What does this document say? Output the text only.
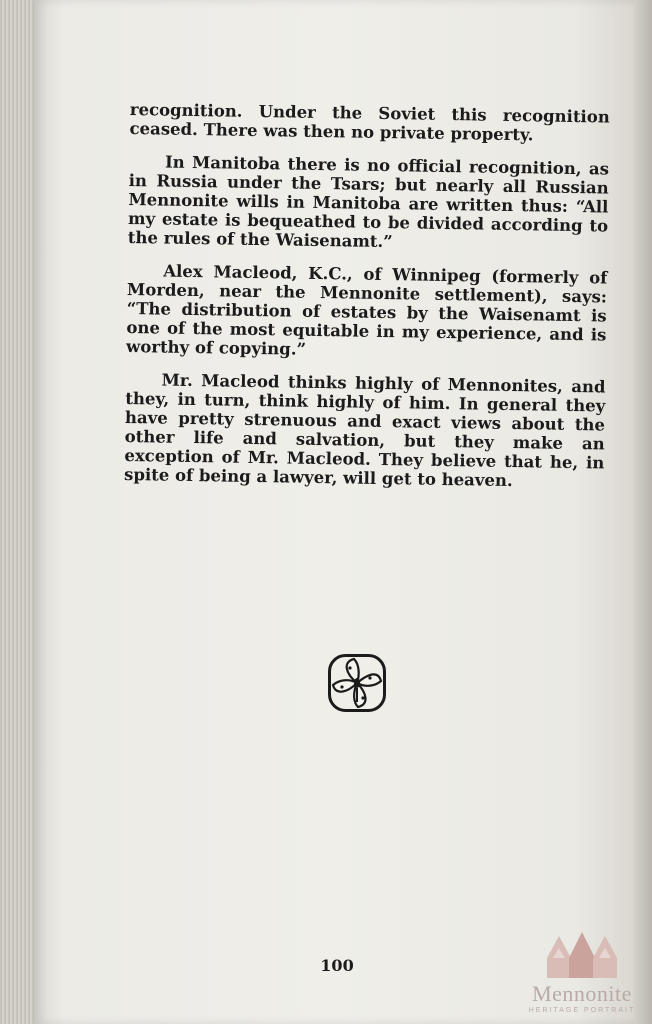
recognition. Under the Soviet this recognition ceased. There was then no private property.

In Manitoba there is no official recognition, as in Russia under the Tsars; but nearly all Russian Mennonite wills in Manitoba are written thus: “All my estate is bequeathed to be divided according to the rules of the Waisenamt.”

Alex Macleod, K.C., of Winnipeg (formerly of Morden, near the Mennonite settlement), says: “The distribution of estates by the Waisenamt is one of the most equitable in my experience, and is worthy of copying.”

Mr. Macleod thinks highly of Mennonites, and they, in turn, think highly of him. In general they have pretty strenuous and exact views about the other life and salvation, but they make an exception of Mr. Macleod. They believe that he, in spite of being a lawyer, will get to heaven.

100
Mennonite
HERITAGE PORTRAIT
